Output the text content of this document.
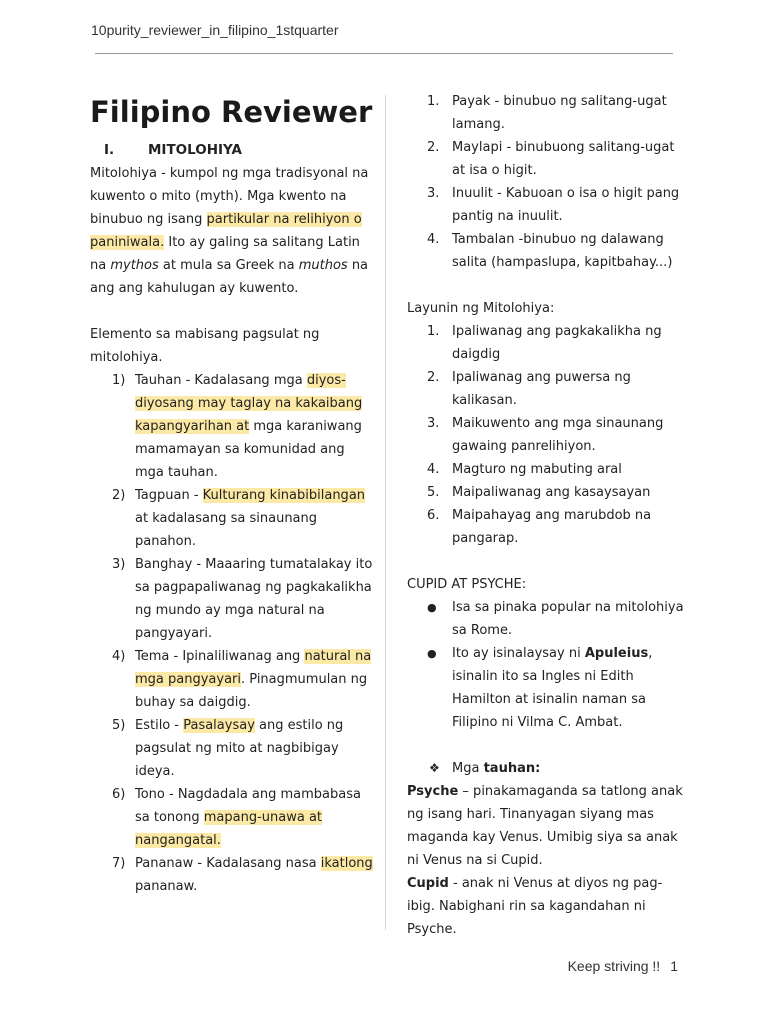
10purity_reviewer_in_filipino_1stquarter
Filipino Reviewer
I.	MITOLOHIYA

Mitolohiya - kumpol ng mga tradisyonal na kuwento o mito (myth). Mga kwento na binubuo ng isang partikular na relihiyon o paniniwala. Ito ay galing sa salitang Latin na mythos at mula sa Greek na muthos na ang ang kahulugan ay kuwento.

Elemento sa mabisang pagsulat ng mitolohiya.

1) Tauhan - Kadalasang mga diyos-diyosang may taglay na kakaibang kapangyarihan at mga karaniwang mamamayan sa komunidad ang mga tauhan.
2) Tagpuan - Kulturang kinabibilangan at kadalasang sa sinaunang panahon.
3) Banghay - Maaaring tumatalakay ito sa pagpapaliwanag ng pagkakalikha ng mundo ay mga natural na pangyayari.
4) Tema - Ipinaliliwanag ang natural na mga pangyayari. Pinagmumulan ng buhay sa daigdig.
5) Estilo - Pasalaysay ang estilo ng pagsulat ng mito at nagbibigay ideya.
6) Tono - Nagdadala ang mambabasa sa tonong mapang-unawa at nangangatal.
7) Pananaw - Kadalasang nasa ikatlong pananaw.
1. Payak - binubuo ng salitang-ugat lamang.
2. Maylapi - binubuong salitang-ugat at isa o higit.
3. Inuulit - Kabuoan o isa o higit pang pantig na inuulit.
4. Tambalan -binubuo ng dalawang salita (hampaslupa, kapitbahay...)

Layunin ng Mitolohiya:

1. Ipaliwanag ang pagkakalikha ng daigdig
2. Ipaliwanag ang puwersa ng kalikasan.
3. Maikuwento ang mga sinaunang gawaing panrelihiyon.
4. Magturo ng mabuting aral
5. Maipaliwanag ang kasaysayan
6. Maipahayag ang marubdob na pangarap.

CUPID AT PSYCHE:

●	Isa sa pinaka popular na mitolohiya sa Rome.
●	Ito ay isinalaysay ni Apuleius, isinalin ito sa Ingles ni Edith Hamilton at isinalin naman sa Filipino ni Vilma C. Ambat.
❖ Mga tauhan:

Psyche – pinakamaganda sa tatlong anak ng isang hari. Tinanyagan siyang mas maganda kay Venus. Umibig siya sa anak ni Venus na si Cupid.

Cupid - anak ni Venus at diyos ng pag-ibig. Nabighani rin sa kagandahan ni Psyche.

Keep striving !! 1
